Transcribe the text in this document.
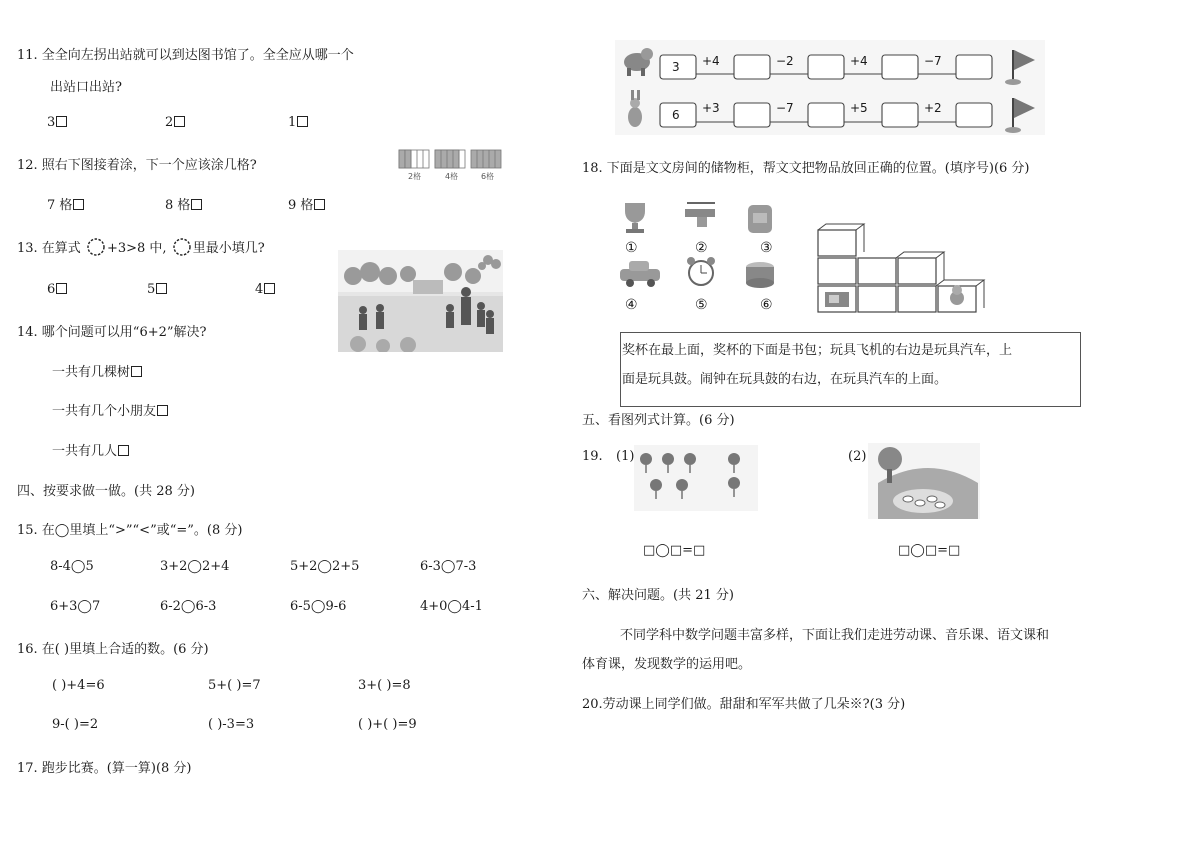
11. 全全向左拐出站就可以到达图书馆了。全全应从哪一个
出站口出站?
3	2	1
12. 照右下图接着涂，下一个应该涂几格?
2格	4格	6格
7 格	8 格	9 格
13. 在算式 +3>8 中, 里最小填几?
6	5	4
14. 哪个问题可以用“6+2”解决?
一共有几棵树
一共有几个小朋友
一共有几人
四、按要求做一做。(共 28 分)
15. 在◯里填上“>”“<”或“=”。(8 分)
8-4◯5	3+2◯2+4	5+2◯2+5	6-3◯7-3
6+3◯7	6-2◯6-3	6-5◯9-6	4+0◯4-1
16. 在( )里填上合适的数。(6 分)
( )+4=6	5+( )=7	3+( )=8
9-( )=2	( )-3=3	( )+( )=9
17. 跑步比赛。(算一算)(8 分)
3 +4	−2	+4	−7
6 +3	−7	+5	+2
18. 下面是文文房间的储物柜，帮文文把物品放回正确的位置。(填序号)(6 分)
①	②	③
④	⑤	⑥
奖杯在最上面，奖杯的下面是书包；玩具飞机的右边是玩具汽车，上
面是玩具鼓。闹钟在玩具鼓的右边，在玩具汽车的上面。
五、看图列式计算。(6 分)
19. (1)	(2)
□◯□=□	□◯□=□
六、解决问题。(共 21 分)
不同学科中数学问题丰富多样，下面让我们走进劳动课、音乐课、语文课和
体育课，发现数学的运用吧。
20.劳动课上同学们做。甜甜和军军共做了几朵※?(3 分)
